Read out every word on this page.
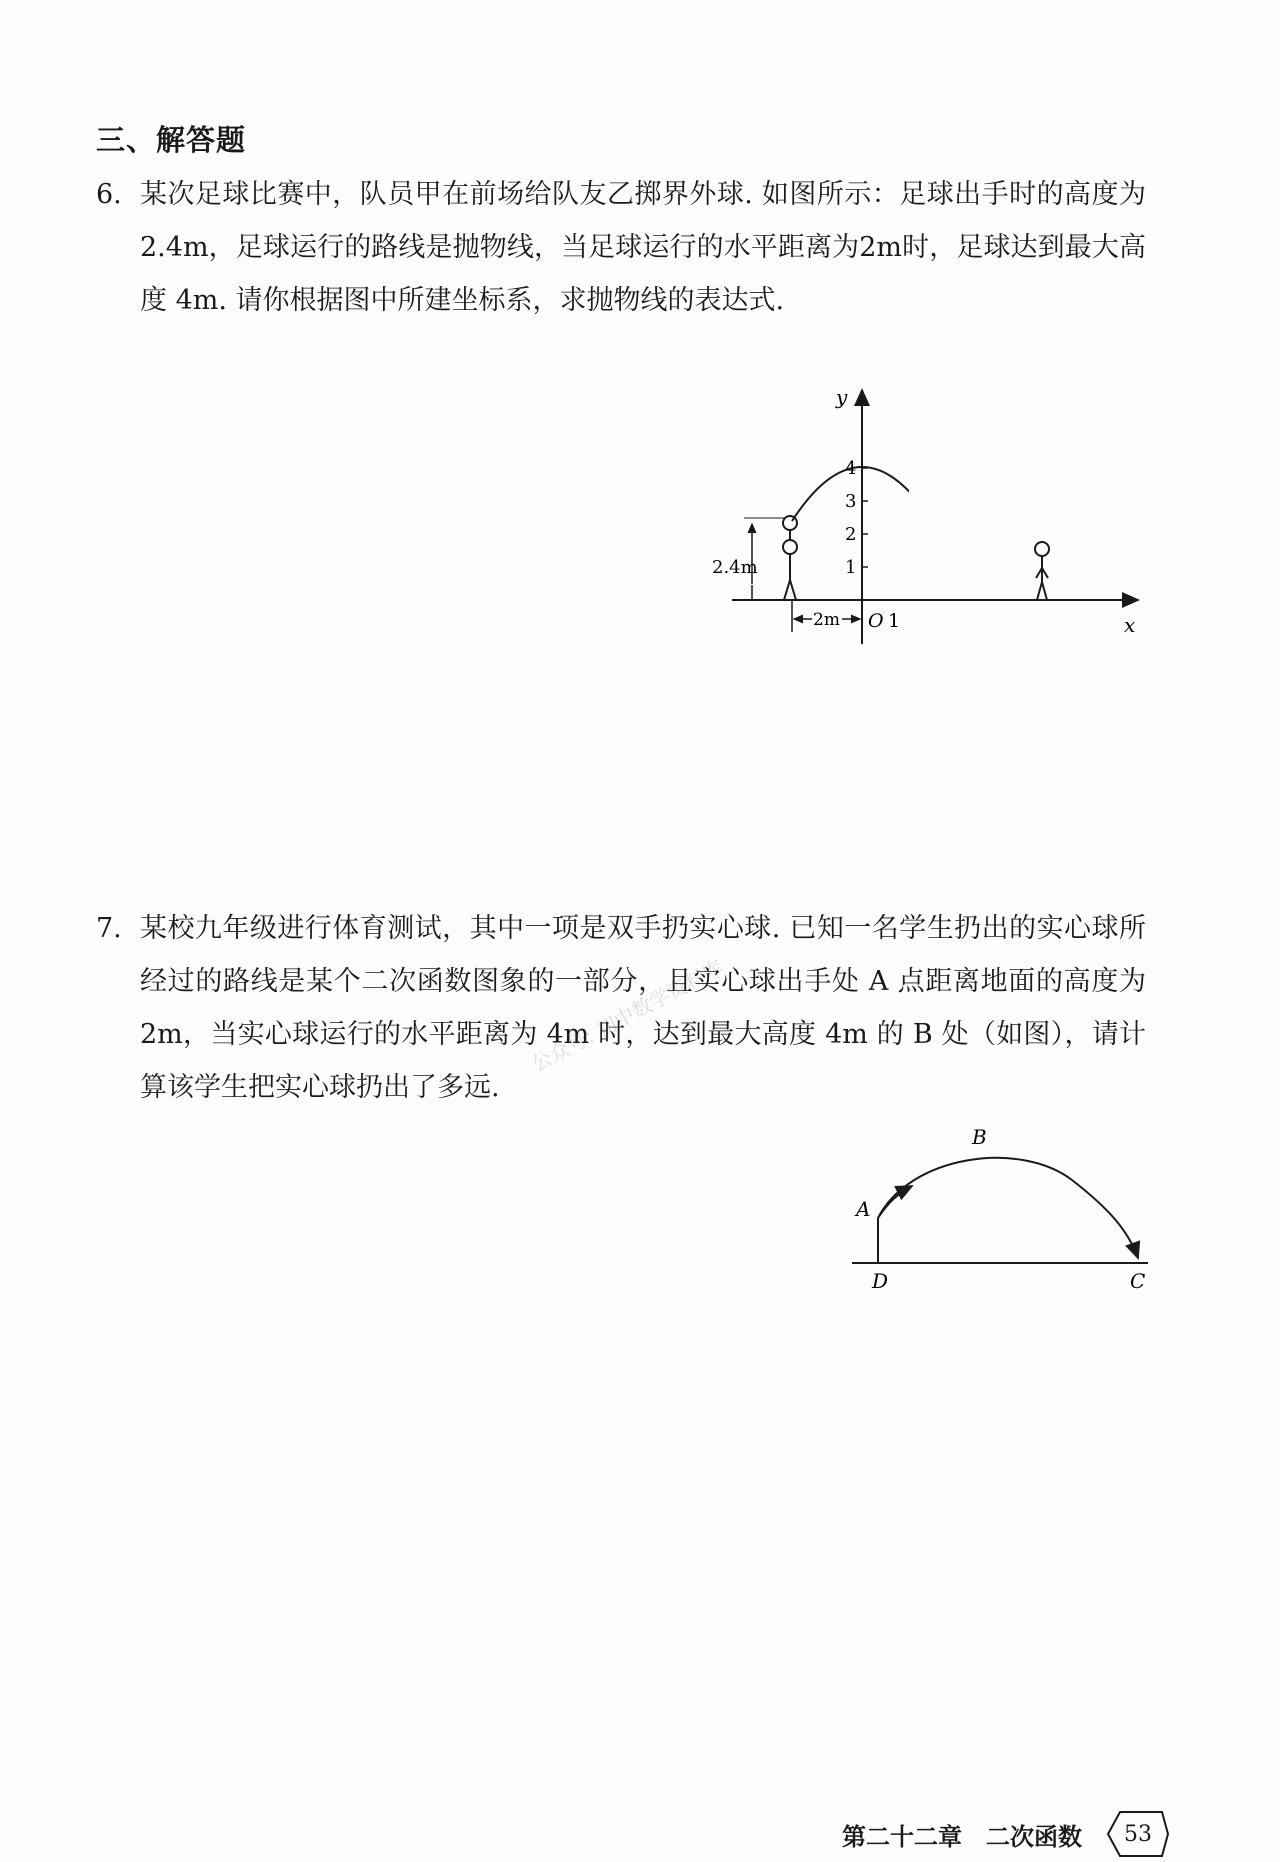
三、解答题
6. 某次足球比赛中，队员甲在前场给队友乙掷界外球. 如图所示：足球出手时的高度为2.4m，足球运行的路线是抛物线，当足球运行的水平距离为2m时，足球达到最大高度 4m. 请你根据图中所建坐标系，求抛物线的表达式.
y
x
O 1
4
3
2
1
2.4m
2m
公众号: 初中数学资料库
7. 某校九年级进行体育测试，其中一项是双手扔实心球. 已知一名学生扔出的实心球所经过的路线是某个二次函数图象的一部分，且实心球出手处 A 点距离地面的高度为 2m，当实心球运行的水平距离为 4m 时，达到最大高度 4m 的 B 处（如图），请计算该学生把实心球扔出了多远.
A
B
C
D
第二十二章 二次函数	53
